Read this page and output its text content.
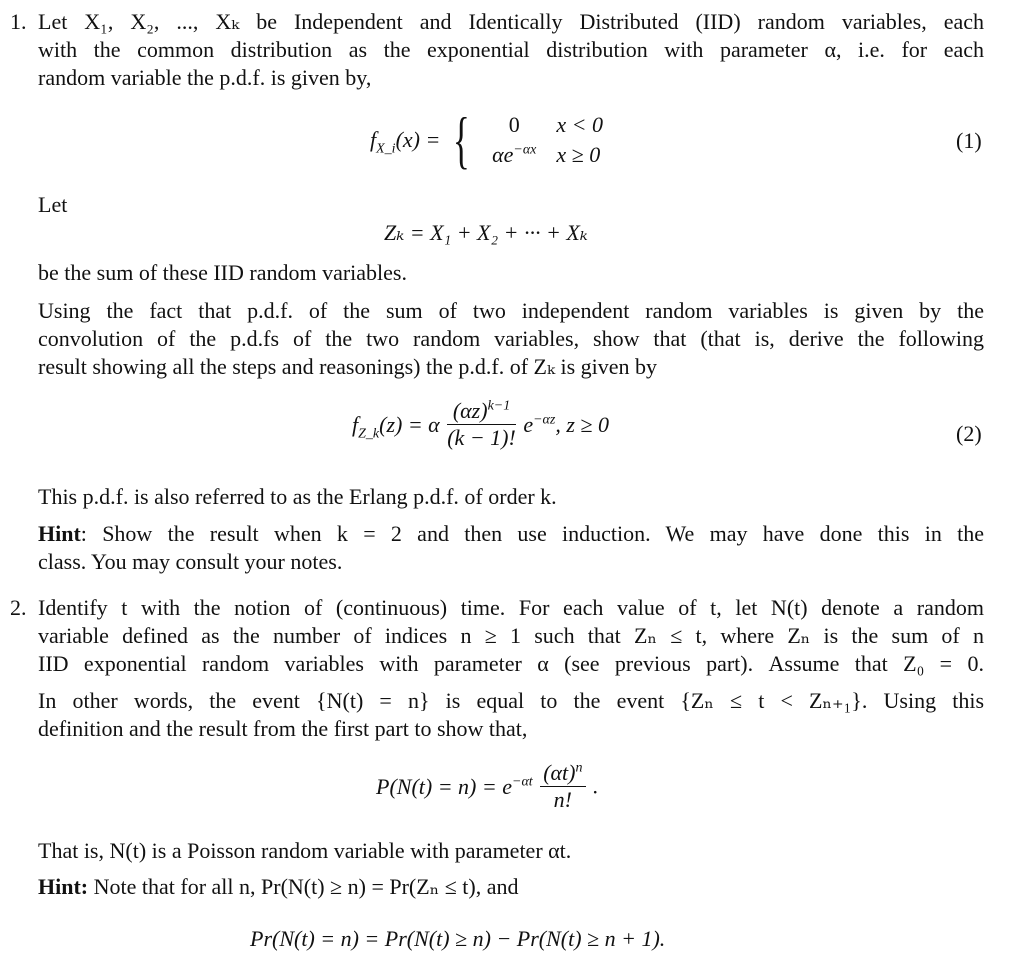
1. Let X₁, X₂, ..., Xₖ be Independent and Identically Distributed (IID) random variables, each
with the common distribution as the exponential distribution with parameter α, i.e. for each
random variable the p.d.f. is given by,
$f_{X\_i}(x)$ = { 0	x < 0
$\alpha e^{-\alpha x}$	x ≥ 0
(1)
Let
Zₖ = X₁ + X₂ + ··· + Xₖ
be the sum of these IID random variables.
Using the fact that p.d.f. of the sum of two independent random variables is given by the
convolution of the p.d.fs of the two random variables, show that (that is, derive the following
result showing all the steps and reasonings) the p.d.f. of Zₖ is given by
$f_{Z\_k}(z) = \alpha \frac{(\alpha z)^{k-1}}{(k - 1)!} e^{-\alpha z}$, z ≥ 0	(2)
This p.d.f. is also referred to as the Erlang p.d.f. of order k.
Hint: Show the result when k = 2 and then use induction. We may have done this in the
class. You may consult your notes.
2. Identify t with the notion of (continuous) time. For each value of t, let N(t) denote a random
variable defined as the number of indices n ≥ 1 such that Zₙ ≤ t, where Zₙ is the sum of n
IID exponential random variables with parameter α (see previous part). Assume that Z₀ = 0.
In other words, the event {N(t) = n} is equal to the event {Zₙ ≤ t < Zₙ₊₁}. Using this
definition and the result from the first part to show that,
$P(N(t) = n) = e^{-\alpha t} \frac{(\alpha t)^n}{n!}$ .
That is, N(t) is a Poisson random variable with parameter αt.
Hint: Note that for all n, Pr(N(t) ≥ n) = Pr(Zₙ ≤ t), and
Pr(N(t) = n) = Pr(N(t) ≥ n) − Pr(N(t) ≥ n + 1).
